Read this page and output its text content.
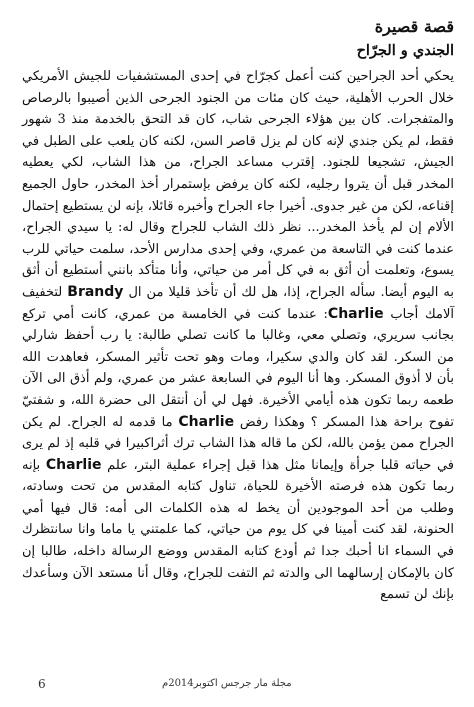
قصة قصيرة
الجندي و الجرّاح

يحكي أحد الجراحين كنت أعمل كجرّاح في إحدى المستشفيات للجيش الأمريكي خلال الحرب الأهلية، حيث كان مئات من الجنود الجرحى الذين أصيبوا بالرصاص والمتفجرات. كان بين هؤلاء الجرحى شاب، كان قد التحق بالخدمة منذ 3 شهور فقط، لم يكن جندي لإنه كان لم يزل قاصر السن، لكنه كان يلعب على الطبل في الجيش، تشجيعا للجنود. إقترب مساعد الجراح، من هذا الشاب، لكي يعطيه المخدر قبل أن يتروا رجليه، لكنه كان يرفض بإستمرار أخذ المخدر، حاول الجميع إقناعه، لكن من غير جدوى. أخيرا جاء الجراح وأخبره قائلا، بإنه لن يستطيع إحتمال الألام إن لم يأخذ المخدر... نظر ذلك الشاب للجراح وقال له: يا سيدي الجراح، عندما كنت في التاسعة من عمري، وفي إحدى مدارس الأحد، سلمت حياتي للرب يسوع، وتعلمت أن أثق به في كل أمر من حياتي، وأنا متأكد بانني أستطيع أن أثق به اليوم أيضا. سأله الجراح، إذا، هل لك أن تأخذ قليلا من ال Brandy لتخفيف آلامك أجاب Charlie: عندما كنت في الخامسة من عمري، كانت أمي تركع بجانب سريري، وتصلي معي، وغالبا ما كانت تصلي طالبة: يا رب أحفظ شارلي من السكر. لقد كان والدي سكيرا، ومات وهو تحت تأثير المسكر، فعاهدت الله بأن لا أذوق المسكر. وها أنا اليوم في السابعة عشر من عمري، ولم أذق الى الآن طعمه ربما تكون هذه أيامي الأخيرة. فهل لي أن أنتقل الى حضرة الله، و شفتيّ تفوح براحة هذا المسكر ؟ وهكذا رفض Charlie ما قدمه له الجراح. لم يكن الجراح ممن يؤمن بالله، لكن ما قاله هذا الشاب ترك أثراكبيرا في قلبه إذ لم يرى في حياته قلبا جرأة وإيمانا مثل هذا قبل إجراء عملية البتر، علم Charlie بإنه ربما تكون هذه فرصته الأخيرة للحياة، تناول كتابه المقدس من تحت وسادته، وطلب من أحد الموجودين أن يخط له هذه الكلمات الى أمه: قال فيها أمي الحنونة، لقد كنت أمينا في كل يوم من حياتي، كما علمتني يا ماما وانا سانتظرك في السماء انا أحبك جدا ثم أودع كتابه المقدس ووضع الرسالة داخله، طالبا إن كان بالإمكان إرسالهما الى والدته ثم التفت للجراح، وقال أنا مستعد الآن وسأعدك بإنك لن تسمع

6	مجلة مار جرجس اكتوبر2014م
